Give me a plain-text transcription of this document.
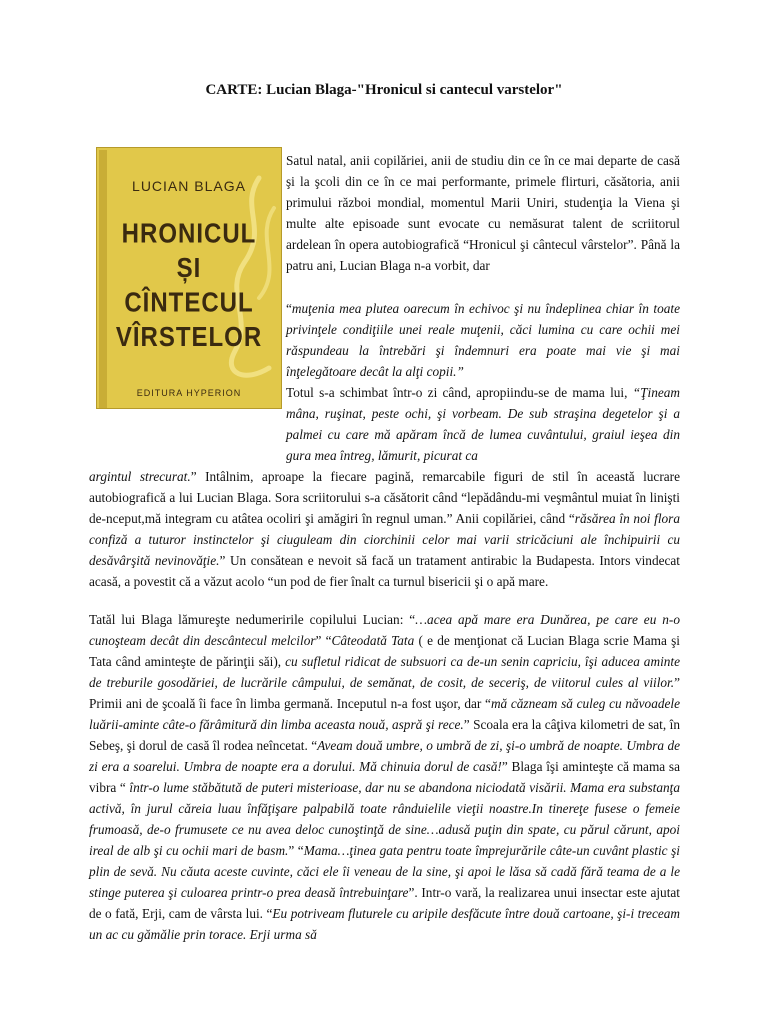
CARTE: Lucian Blaga-"Hronicul si cantecul varstelor"
LUCIAN BLAGA
HRONICUL
ȘI
CÎNTECUL
VÎRSTELOR
EDITURA HYPERION

Satul natal, anii copilăriei, anii de studiu din ce în ce mai departe de casă şi la şcoli din ce în ce mai performante, primele flirturi, căsătoria, anii primului război mondial, momentul Marii Uniri, studenţia la Viena şi multe alte episoade sunt evocate cu nemăsurat talent de scriitorul ardelean în opera autobiografică “Hronicul şi cântecul vârstelor”. Până la patru ani, Lucian Blaga n-a vorbit, dar

“muţenia mea plutea oarecum în echivoc şi nu îndeplinea chiar în toate privinţele condiţiile unei reale muţenii, căci lumina cu care ochii mei răspundeau la întrebări şi îndemnuri era poate mai vie şi mai înţelegătoare decât la alţi copii.”

Totul s-a schimbat într-o zi când, apropiindu-se de mama lui, “Ţineam mâna, ruşinat, peste ochi, şi vorbeam. De sub straşina degetelor şi a palmei cu care mă apăram încă de lumea cuvântului, graiul ieşea din gura mea întreg, lămurit, picurat ca

argintul strecurat.” Intâlnim, aproape la fiecare pagină, remarcabile figuri de stil în această lucrare autobiografică a lui Lucian Blaga. Sora scriitorului s-a căsătorit când “lepădându-mi veşmântul muiat în linişti de-nceput,mă integram cu atâtea ocoliri şi amăgiri în regnul uman.” Anii copilăriei, când “răsărea în noi flora confiză a tuturor instinctelor şi ciuguleam din ciorchinii celor mai varii stricăciuni ale închipuirii cu desăvârşită nevinovăţie.” Un consătean e nevoit să facă un tratament antirabic la Budapesta. Intors vindecat acasă, a povestit că a văzut acolo “un pod de fier înalt ca turnul bisericii şi o apă mare.

Tatăl lui Blaga lămureşte nedumeririle copilului Lucian: “…acea apă mare era Dunărea, pe care eu n-o cunoşteam decât din descântecul melcilor” “Câteodată Tata ( e de menţionat că Lucian Blaga scrie Mama şi Tata când aminteşte de părinţii săi), cu sufletul ridicat de subsuori ca de-un senin capriciu, îşi aducea aminte de treburile gosodăriei, de lucrările câmpului, de semănat, de cosit, de seceriş, de viitorul cules al viilor.” Primii ani de şcoală îi face în limba germană. Inceputul n-a fost uşor, dar “mă căzneam să culeg cu năvoadele luării-aminte câte-o fărâmitură din limba aceasta nouă, aspră şi rece.” Scoala era la câţiva kilometri de sat, în Sebeş, şi dorul de casă îl rodea neîncetat. “Aveam două umbre, o umbră de zi, şi-o umbră de noapte. Umbra de zi era a soarelui. Umbra de noapte era a dorului. Mă chinuia dorul de casă!” Blaga îşi aminteşte că mama sa vibra “ într-o lume stăbătută de puteri misterioase, dar nu se abandona niciodată visării. Mama era substanţa activă, în jurul căreia luau înfăţişare palpabilă toate rânduielile vieţii noastre.In tinereţe fusese o femeie frumoasă, de-o frumusete ce nu avea deloc cunoştinţă de sine…adusă puţin din spate, cu părul cărunt, apoi ireal de alb şi cu ochii mari de basm.” “Mama…ţinea gata pentru toate împrejurările câte-un cuvânt plastic şi plin de sevă. Nu căuta aceste cuvinte, căci ele îi veneau de la sine, şi apoi le lăsa să cadă fără teama de a le stinge puterea şi culoarea printr-o prea deasă întrebuinţare”. Intr-o vară, la realizarea unui insectar este ajutat de o fată, Erji, cam de vârsta lui. “Eu potriveam fluturele cu aripile desfăcute între două cartoane, şi-i treceam un ac cu gămălie prin torace. Erji urma să
